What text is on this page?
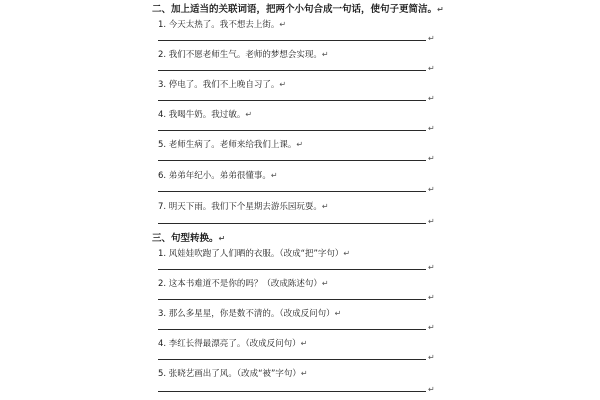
二、加上适当的关联词语，把两个小句合成一句话，使句子更简洁。↵
1. 今天太热了。我不想去上街。↵
↵
2. 我们不愿老师生气。老师的梦想会实现。↵
↵
3. 停电了。我们不上晚自习了。↵
↵
4. 我喝牛奶。我过敏。↵
↵
5. 老师生病了。老师来给我们上课。↵
↵
6. 弟弟年纪小。弟弟很懂事。↵
↵
7. 明天下雨。我们下个星期去游乐园玩耍。↵
↵
三、句型转换。↵
1. 风娃娃吹跑了人们晒的衣服。（改成“把”字句）↵
↵
2. 这本书难道不是你的吗？（改成陈述句）↵
↵
3. 那么多星星，你是数不清的。（改成反问句）↵
↵
4. 李红长得最漂亮了。（改成反问句）↵
↵
5. 张晓艺画出了风。（改成“被”字句）↵
↵
